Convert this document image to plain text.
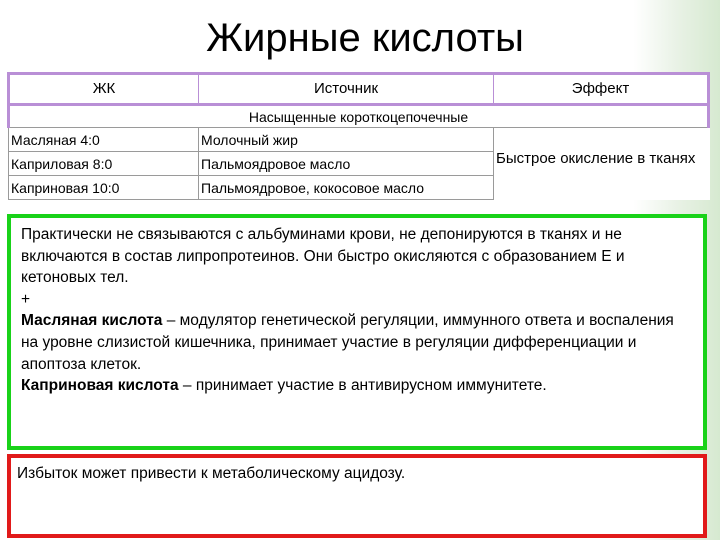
Жирные кислоты
ЖК	Источник	Эффект
Насыщенные короткоцепочечные		
Масляная 4:0	Молочный жир	Быстрое окисление в тканях
Каприловая 8:0	Пальмоядровое масло	
Каприновая 10:0	Пальмоядровое, кокосовое масло	

Практически не связываются с альбуминами крови, не депонируются в тканях и не включаются в состав липропротеинов. Они быстро окисляются с образованием Е и кетоновых тел.

+

Масляная кислота – модулятор генетической регуляции, иммунного ответа и воспаления на уровне слизистой кишечника, принимает участие в регуляции дифференциации и апоптоза клеток.

Каприновая кислота – принимает участие в антивирусном иммунитете.

Избыток может привести к метаболическому ацидозу.
